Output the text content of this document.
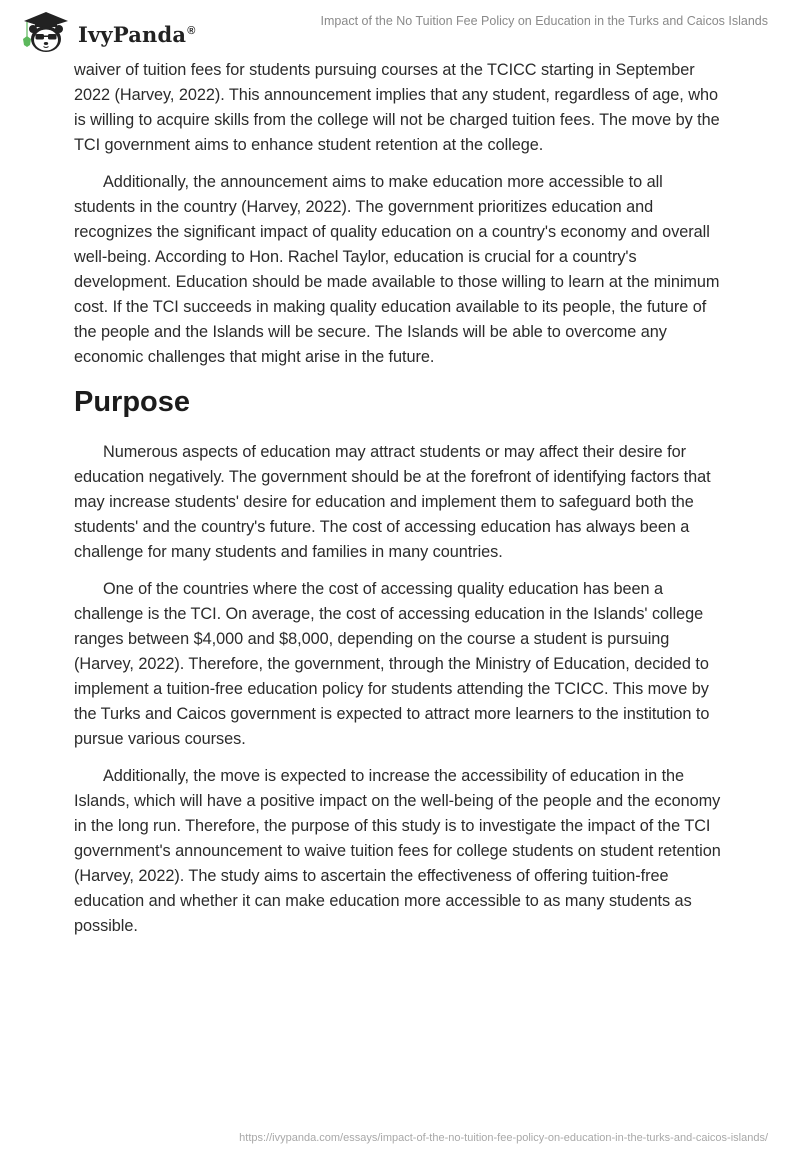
IvyPanda®
Impact of the No Tuition Fee Policy on Education in the Turks and Caicos Islands

waiver of tuition fees for students pursuing courses at the TCICC starting in September 2022 (Harvey, 2022). This announcement implies that any student, regardless of age, who is willing to acquire skills from the college will not be charged tuition fees. The move by the TCI government aims to enhance student retention at the college.

Additionally, the announcement aims to make education more accessible to all students in the country (Harvey, 2022). The government prioritizes education and recognizes the significant impact of quality education on a country's economy and overall well-being. According to Hon. Rachel Taylor, education is crucial for a country's development. Education should be made available to those willing to learn at the minimum cost. If the TCI succeeds in making quality education available to its people, the future of the people and the Islands will be secure. The Islands will be able to overcome any economic challenges that might arise in the future.

Purpose

Numerous aspects of education may attract students or may affect their desire for education negatively. The government should be at the forefront of identifying factors that may increase students' desire for education and implement them to safeguard both the students' and the country's future. The cost of accessing education has always been a challenge for many students and families in many countries.

One of the countries where the cost of accessing quality education has been a challenge is the TCI. On average, the cost of accessing education in the Islands' college ranges between $4,000 and $8,000, depending on the course a student is pursuing (Harvey, 2022). Therefore, the government, through the Ministry of Education, decided to implement a tuition-free education policy for students attending the TCICC. This move by the Turks and Caicos government is expected to attract more learners to the institution to pursue various courses.

Additionally, the move is expected to increase the accessibility of education in the Islands, which will have a positive impact on the well-being of the people and the economy in the long run. Therefore, the purpose of this study is to investigate the impact of the TCI government's announcement to waive tuition fees for college students on student retention (Harvey, 2022). The study aims to ascertain the effectiveness of offering tuition-free education and whether it can make education more accessible to as many students as possible.

https://ivypanda.com/essays/impact-of-the-no-tuition-fee-policy-on-education-in-the-turks-and-caicos-islands/
